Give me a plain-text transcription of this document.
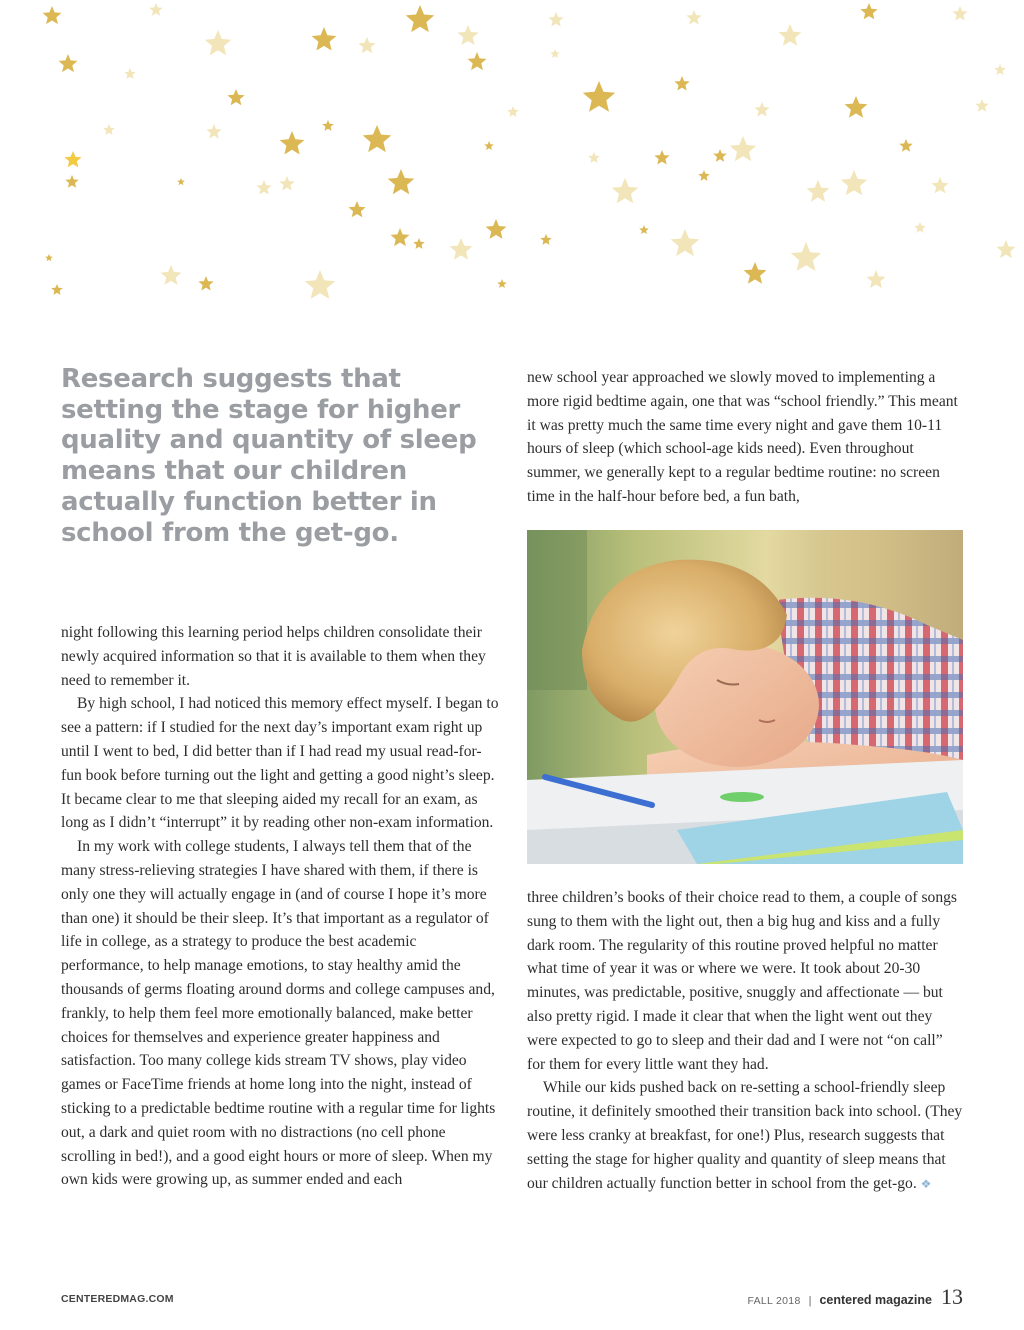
Research suggests that setting the stage for higher quality and quantity of sleep means that our children actually function better in school from the get-go.

new school year approached we slowly moved to implementing a more rigid bedtime again, one that was “school friendly.” This meant it was pretty much the same time every night and gave them 10-11 hours of sleep (which school-age kids need). Even throughout summer, we generally kept to a regular bedtime routine: no screen time in the half-hour before bed, a fun bath,

night following this learning period helps children consolidate their newly acquired information so that it is available to them when they need to remember it.

By high school, I had noticed this memory effect myself. I began to see a pattern: if I studied for the next day’s important exam right up until I went to bed, I did better than if I had read my usual read-for-fun book before turning out the light and getting a good night’s sleep. It became clear to me that sleeping aided my recall for an exam, as long as I didn’t “interrupt” it by reading other non-exam information.

In my work with college students, I always tell them that of the many stress-relieving strategies I have shared with them, if there is only one they will actually engage in (and of course I hope it’s more than one) it should be their sleep. It’s that important as a regulator of life in college, as a strategy to produce the best academic performance, to help manage emotions, to stay healthy amid the thousands of germs floating around dorms and college campuses and, frankly, to help them feel more emotionally balanced, make better choices for themselves and experience greater happiness and satisfaction. Too many college kids stream TV shows, play video games or FaceTime friends at home long into the night, instead of sticking to a predictable bedtime routine with a regular time for lights out, a dark and quiet room with no distractions (no cell phone scrolling in bed!), and a good eight hours or more of sleep. When my own kids were growing up, as summer ended and each

three children’s books of their choice read to them, a couple of songs sung to them with the light out, then a big hug and kiss and a fully dark room. The regularity of this routine proved helpful no matter what time of year it was or where we were. It took about 20-30 minutes, was predictable, positive, snuggly and affectionate — but also pretty rigid. I made it clear that when the light went out they were expected to go to sleep and their dad and I were not “on call” for them for every little want they had.

While our kids pushed back on re-setting a school-friendly sleep routine, it definitely smoothed their transition back into school. (They were less cranky at breakfast, for one!) Plus, research suggests that setting the stage for higher quality and quantity of sleep means that our children actually function better in school from the get-go. ❖

CENTEREDMAG.COM	FALL 2018 | centered magazine 13
